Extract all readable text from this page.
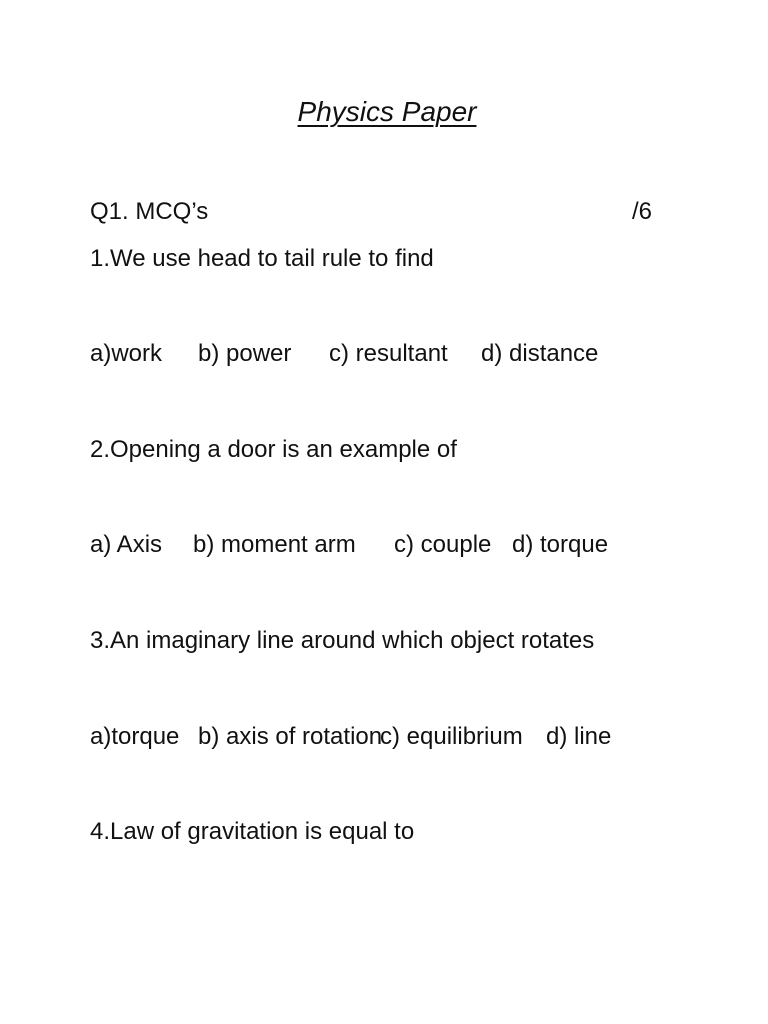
Physics Paper
Q1. MCQ’s	/6
1.We use head to tail rule to find
a)work b) power c) resultant d) distance
2.Opening a door is an example of
a) Axis b) moment arm c) couple d) torque
3.An imaginary line around which object rotates
a)torque b) axis of rotationc) equilibrium d) line
4.Law of gravitation is equal to
